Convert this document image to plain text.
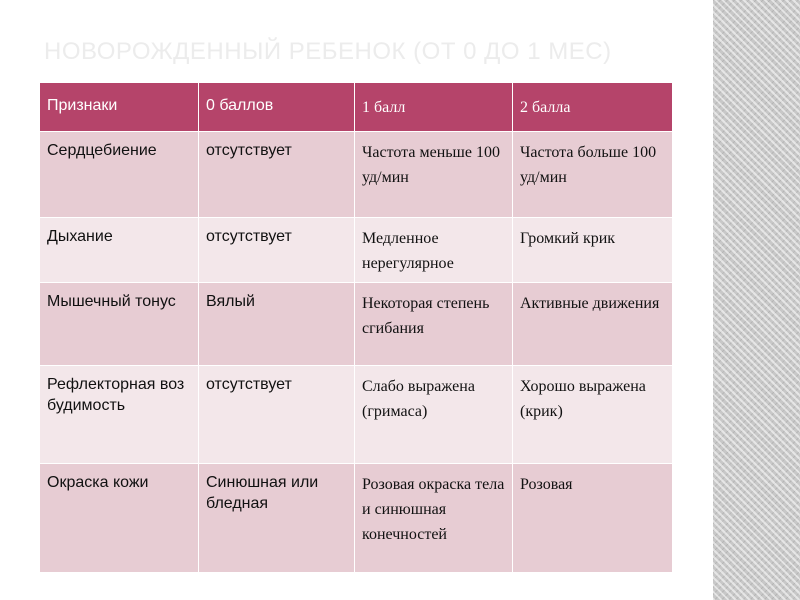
НОВОРОЖДЕННЫЙ РЕБЕНОК (ОТ 0 ДО 1 МЕС)
Признаки	0 баллов	1 балл	2 балла
Сердцебиение	отсутствует	Частота меньше 100 уд/мин	Частота больше 100 уд/мин
Дыхание	отсутствует	Медленное нерегулярное	Громкий крик
Мышечный тонус	Вялый	Некоторая степень сгибания	Активные движения
Рефлекторная возбудимость	отсутствует	Слабо выражена (гримаса)	Хорошо выражена (крик)
Окраска кожи	Синюшная или бледная	Розовая окраска тела и синюшная конечностей	Розовая
